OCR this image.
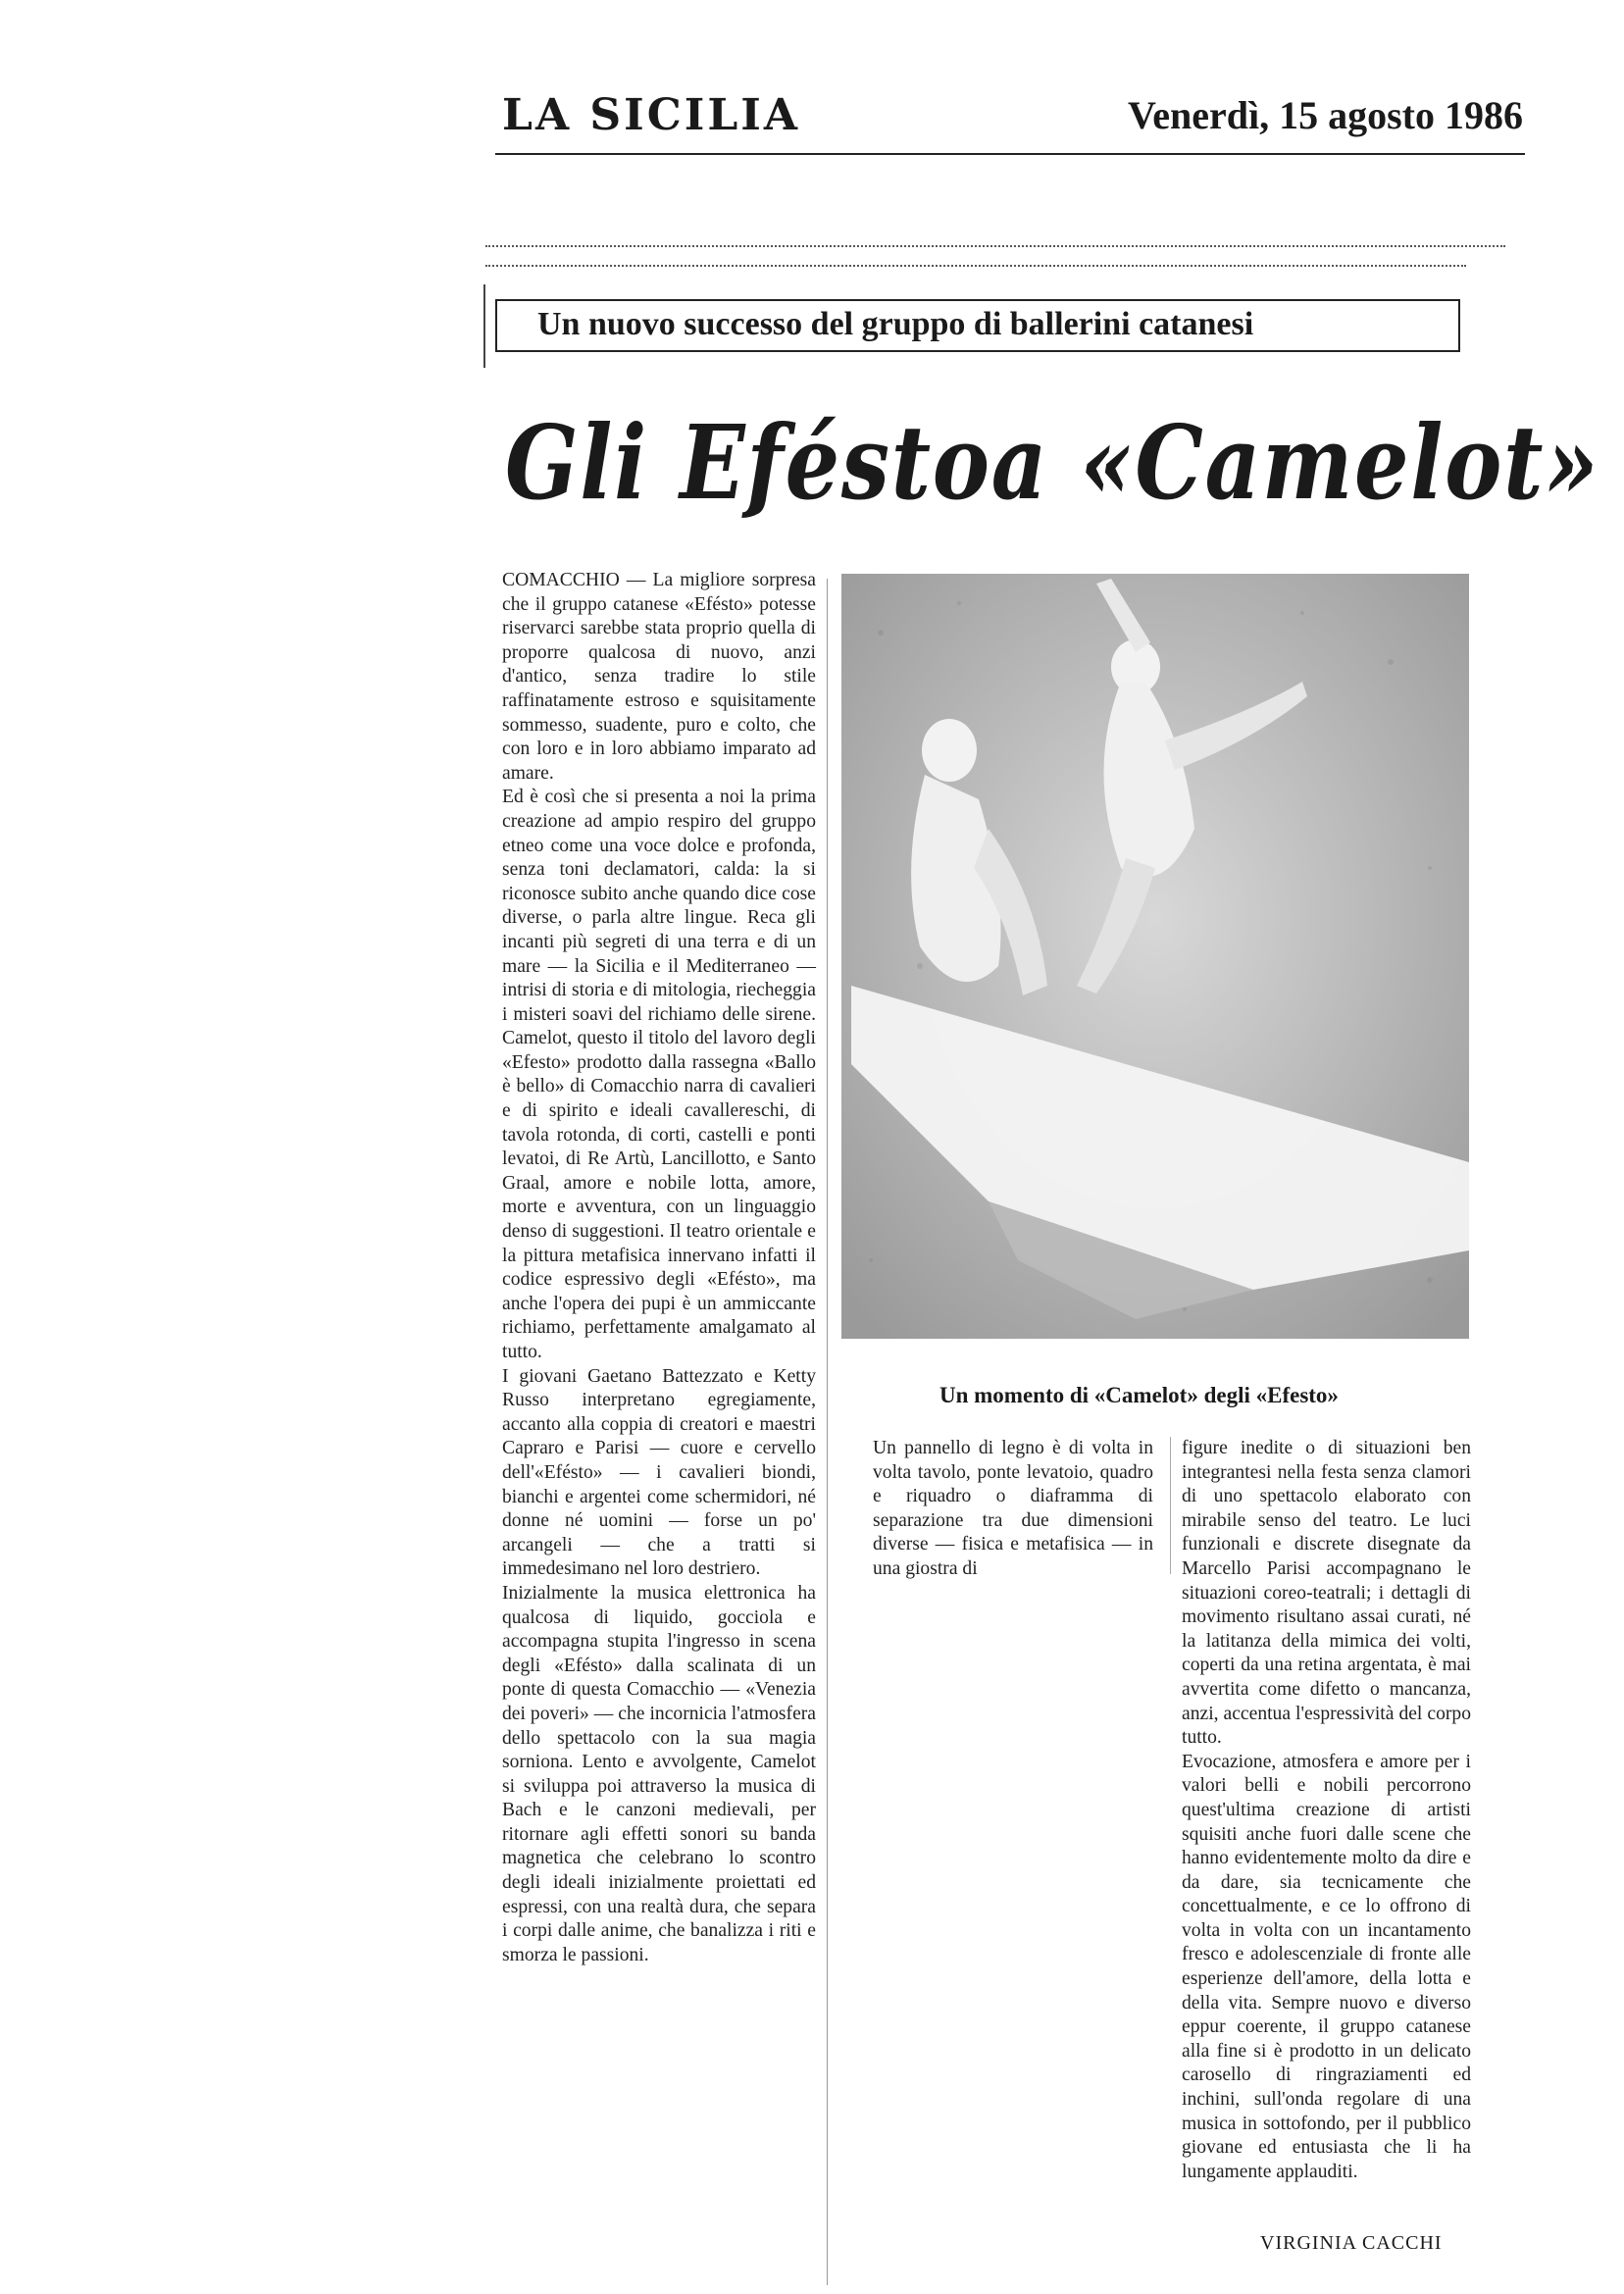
LA SICILIA	Venerdì, 15 agosto 1986
Un nuovo successo del gruppo di ballerini catanesi
Gli Eféstoa «Camelot»
COMACCHIO — La migliore sorpresa che il gruppo catanese «Efésto» potesse riservarci sarebbe stata proprio quella di proporre qualcosa di nuovo, anzi d'antico, senza tradire lo stile raffinatamente estroso e squisitamente sommesso, suadente, puro e colto, che con loro e in loro abbiamo imparato ad amare.
Ed è così che si presenta a noi la prima creazione ad ampio respiro del gruppo etneo come una voce dolce e profonda, senza toni declamatori, calda: la si riconosce subito anche quando dice cose diverse, o parla altre lingue. Reca gli incanti più segreti di una terra e di un mare — la Sicilia e il Mediterraneo — intrisi di storia e di mitologia, riecheggia i misteri soavi del richiamo delle sirene. Camelot, questo il titolo del lavoro degli «Efesto» prodotto dalla rassegna «Ballo è bello» di Comacchio narra di cavalieri e di spirito e ideali cavallereschi, di tavola rotonda, di corti, castelli e ponti levatoi, di Re Artù, Lancillotto, e Santo Graal, amore e nobile lotta, amore, morte e avventura, con un linguaggio denso di suggestioni. Il teatro orientale e la pittura metafisica innervano infatti il codice espressivo degli «Efésto», ma anche l'opera dei pupi è un ammiccante richiamo, perfettamente amalgamato al tutto.
I giovani Gaetano Battezzato e Ketty Russo interpretano egregiamente, accanto alla coppia di creatori e maestri Capraro e Parisi — cuore e cervello dell'«Eféstо» — i cavalieri biondi, bianchi e argentei come schermidori, né donne né uomini — forse un po' arcangeli — che a tratti si immedesimano nel loro destriero.
Inizialmente la musica elettronica ha qualcosa di liquido, gocciola e accompagna stupita l'ingresso in scena degli «Efésto» dalla scalinata di un ponte di questa Comacchio — «Venezia dei poveri» — che incornicia l'atmosfera dello spettacolo con la sua magia sorniona. Lento e avvolgente, Camelot si sviluppa poi attraverso la musica di Bach e le canzoni medievali, per ritornare agli effetti sonori su banda magnetica che celebrano lo scontro degli ideali inizialmente proiettati ed espressi, con una realtà dura, che separa i corpi dalle anime, che banalizza i riti e smorza le passioni.
Un momento di «Camelot» degli «Efesto»
Un pannello di legno è di volta in volta tavolo, ponte levatoio, quadro e riquadro o diaframma di separazione tra due dimensioni diverse — fisica e metafisica — in una giostra di
figure inedite o di situazioni ben integrantesi nella festa senza clamori di uno spettacolo elaborato con mirabile senso del teatro. Le luci funzionali e discrete disegnate da Marcello Parisi accompagnano le situazioni coreo-teatrali; i dettagli di movimento risultano assai curati, né la latitanza della mimica dei volti, coperti da una retina argentata, è mai avvertita come difetto o mancanza, anzi, accentua l'espressività del corpo tutto.
Evocazione, atmosfera e amore per i valori belli e nobili percorrono quest'ultima creazione di artisti squisiti anche fuori dalle scene che hanno evidentemente molto da dire e da dare, sia tecnicamente che concettualmente, e ce lo offrono di volta in volta con un incantamento fresco e adolescenziale di fronte alle esperienze dell'amore, della lotta e della vita. Sempre nuovo e diverso eppur coerente, il gruppo catanese alla fine si è prodotto in un delicato carosello di ringraziamenti ed inchini, sull'onda regolare di una musica in sottofondo, per il pubblico giovane ed entusiasta che li ha lungamente applauditi.
VIRGINIA CACCHI
